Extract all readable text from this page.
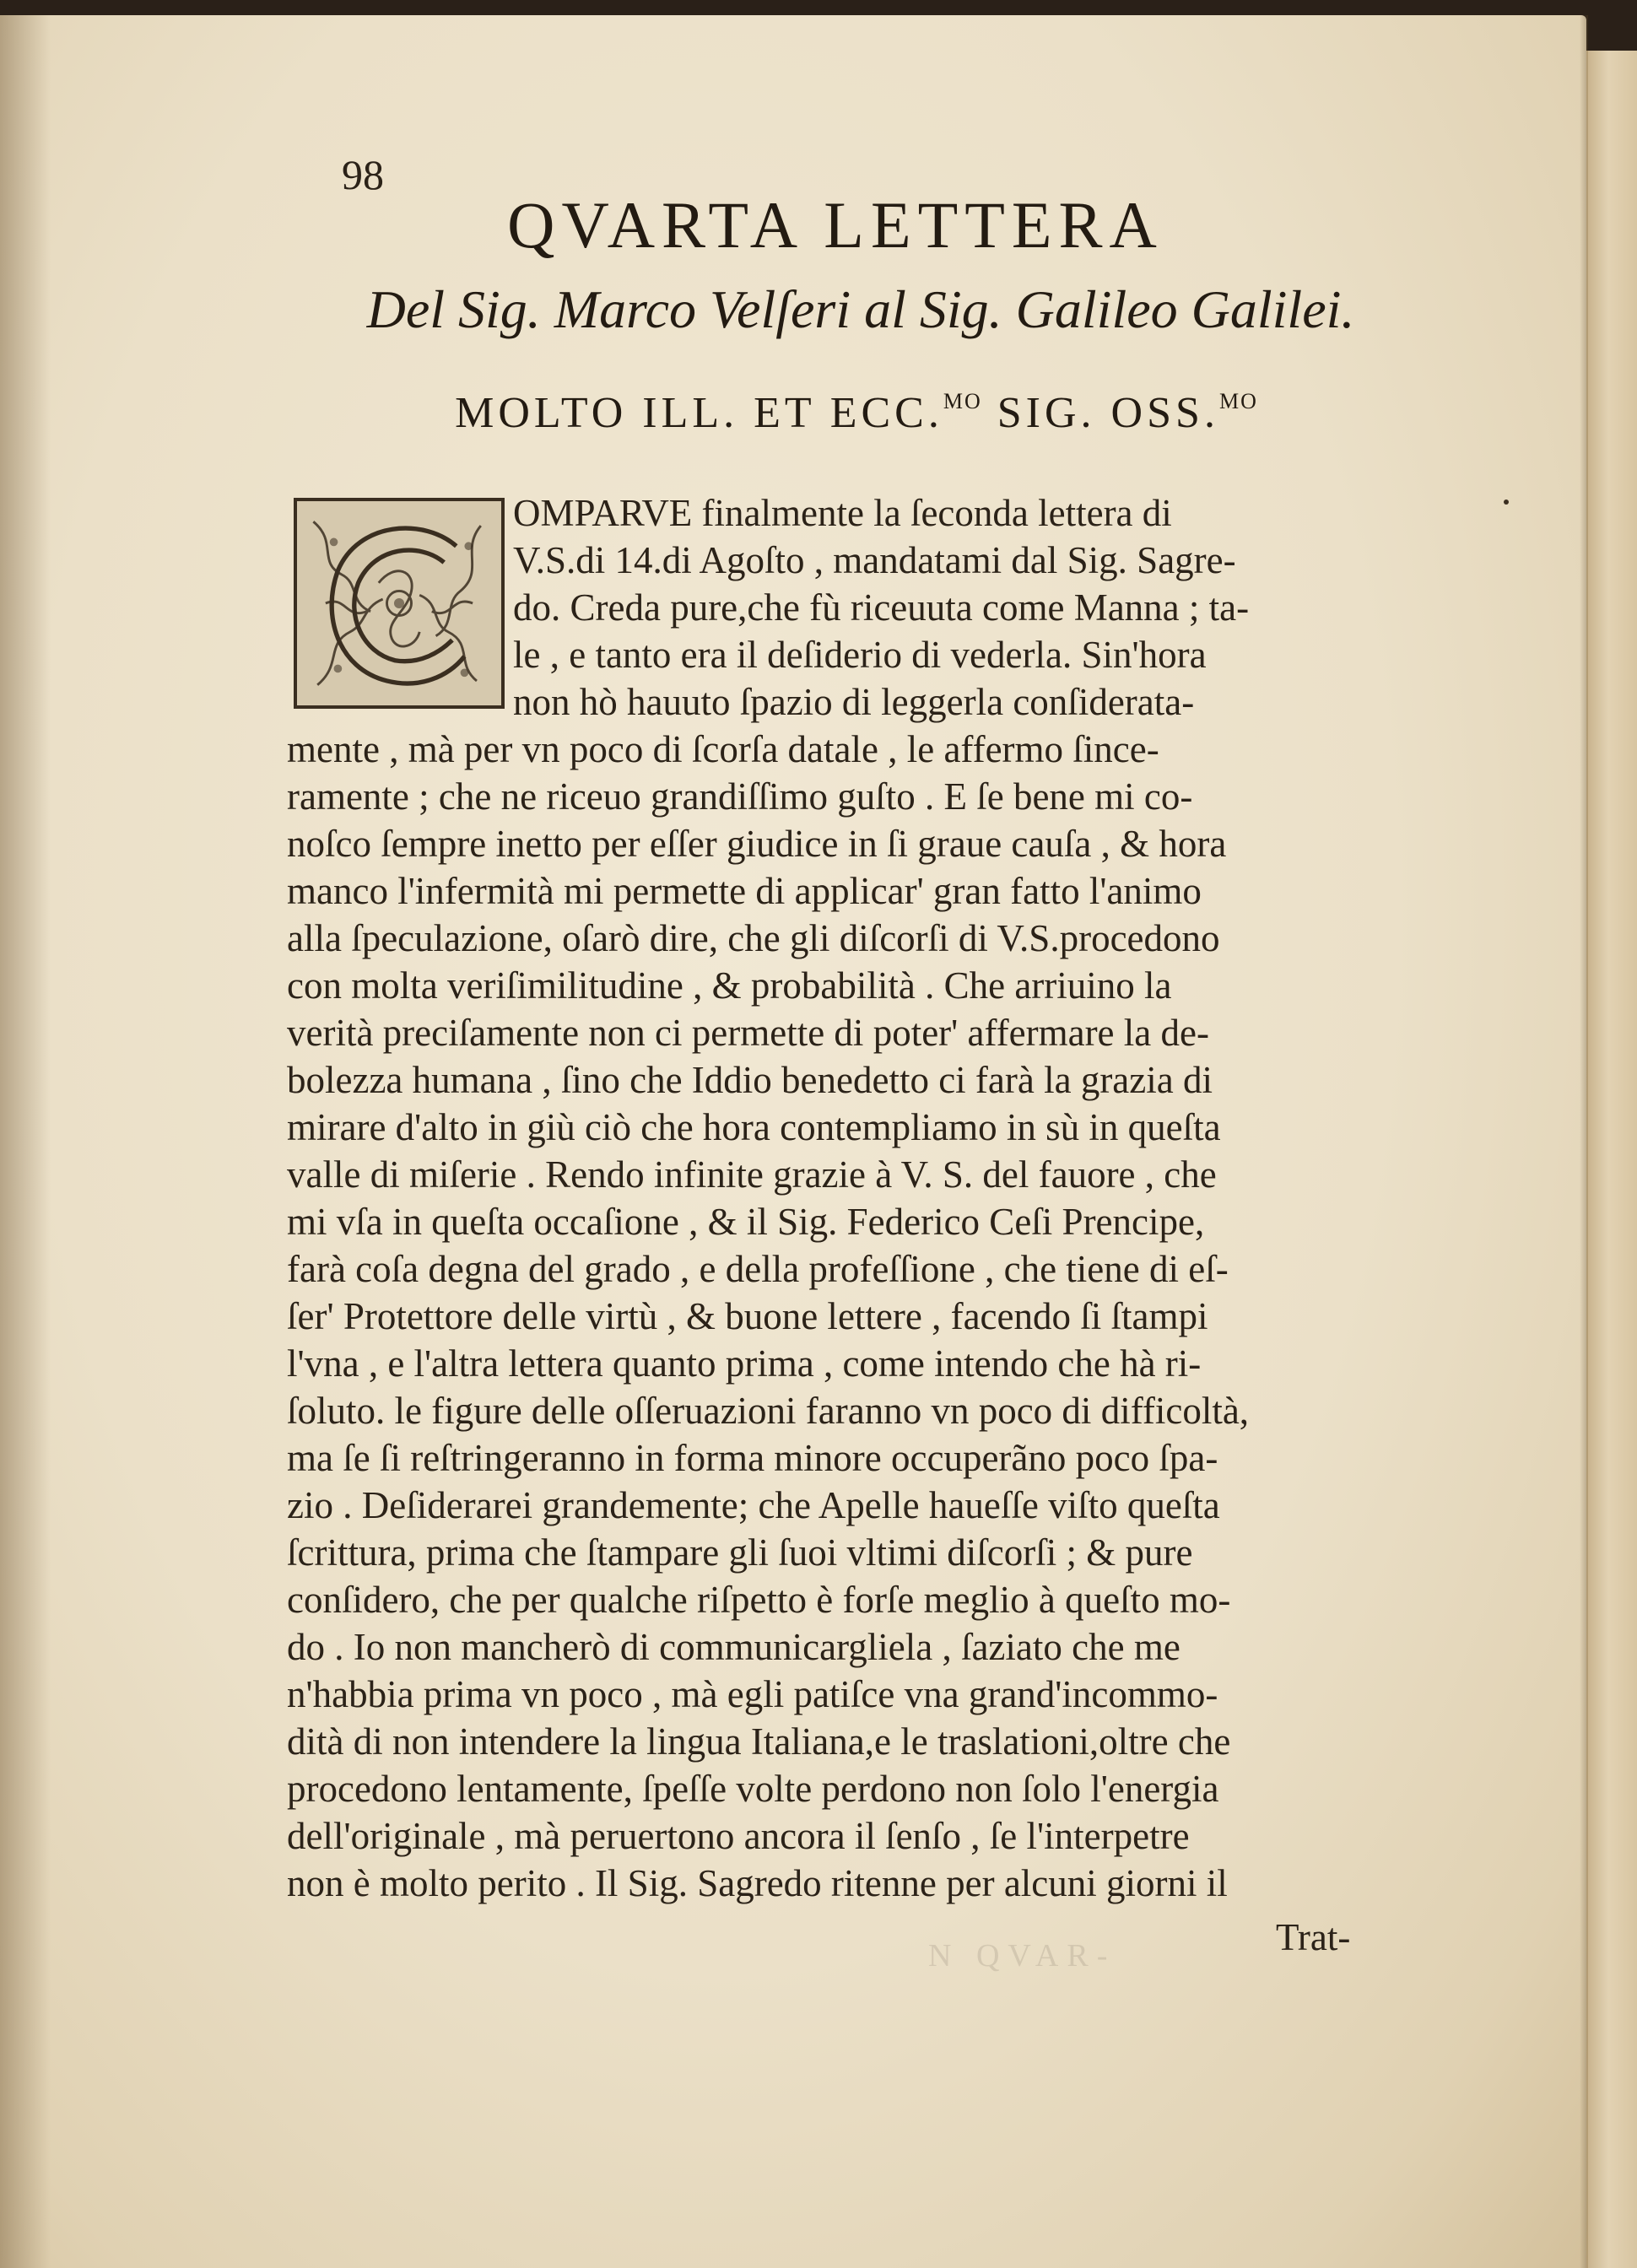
N QVAR-
98
QVARTA LETTERA
Del Sig. Marco Velſeri al Sig. Galileo Galilei.
MOLTO ILL. ET ECC.$^{MO}$ SIG. OSS.$^{MO}$
OMPARVE finalmente la ſeconda lettera di
V.S.di 14.di Agoſto , mandatami dal Sig. Sagre-
do. Creda pure,che fù riceuuta come Manna ; ta-
le , e tanto era il deſiderio di vederla. Sin'hora
non hò hauuto ſpazio di leggerla conſiderata-
mente , mà per vn poco di ſcorſa datale , le affermo ſince-
ramente ; che ne riceuo grandiſſimo guſto . E ſe bene mi co-
noſco ſempre inetto per eſſer giudice in ſi graue cauſa , & hora
manco l'infermità mi permette di applicar' gran fatto l'animo
alla ſpeculazione, oſarò dire, che gli diſcorſi di V.S.procedono
con molta veriſimilitudine , & probabilità . Che arriuino la
verità preciſamente non ci permette di poter' affermare la de-
bolezza humana , ſino che Iddio benedetto ci farà la grazia di
mirare d'alto in giù ciò che hora contempliamo in sù in queſta
valle di miſerie . Rendo infinite grazie à V. S. del fauore , che
mi vſa in queſta occaſione , & il Sig. Federico Ceſi Prencipe,
farà coſa degna del grado , e della profeſſione , che tiene di eſ-
ſer' Protettore delle virtù , & buone lettere , facendo ſi ſtampi
l'vna , e l'altra lettera quanto prima , come intendo che hà ri-
ſoluto. le figure delle oſſeruazioni faranno vn poco di difficoltà,
ma ſe ſi reſtringeranno in forma minore occuperãno poco ſpa-
zio . Deſiderarei grandemente; che Apelle haueſſe viſto queſta
ſcrittura, prima che ſtampare gli ſuoi vltimi diſcorſi ; & pure
conſidero, che per qualche riſpetto è forſe meglio à queſto mo-
do . Io non mancherò di communicargliela , ſaziato che me
n'habbia prima vn poco , mà egli patiſce vna grand'incommo-
dità di non intendere la lingua Italiana,e le traslationi,oltre che
procedono lentamente, ſpeſſe volte perdono non ſolo l'energia
dell'originale , mà peruertono ancora il ſenſo , ſe l'interpetre
non è molto perito . Il Sig. Sagredo ritenne per alcuni giorni il
Trat-
